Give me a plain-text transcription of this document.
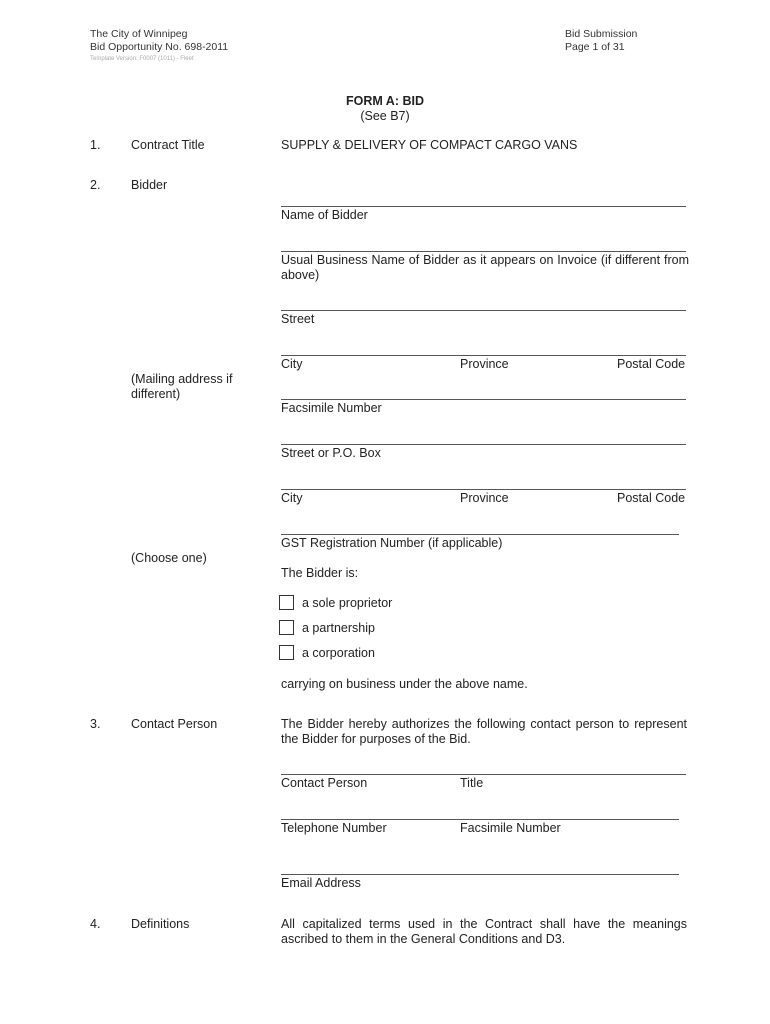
The City of Winnipeg
Bid Opportunity No. 698-2011
Template Version: F0007 (1011) - Fleet
Bid Submission
Page 1 of 31
FORM A: BID
(See B7)
1. Contract Title	SUPPLY & DELIVERY OF COMPACT CARGO VANS
2. Bidder
Name of Bidder
Usual Business Name of Bidder as it appears on Invoice (if different from above)
Street
City	Province	Postal Code
(Mailing address if different)
Facsimile Number
Street or P.O. Box
City	Province	Postal Code
GST Registration Number (if applicable)
(Choose one)
The Bidder is:
a sole proprietor
a partnership
a corporation
carrying on business under the above name.
3. Contact Person	The Bidder hereby authorizes the following contact person to represent the Bidder for purposes of the Bid.
Contact Person	Title
Telephone Number	Facsimile Number
Email Address
4. Definitions	All capitalized terms used in the Contract shall have the meanings ascribed to them in the General Conditions and D3.
